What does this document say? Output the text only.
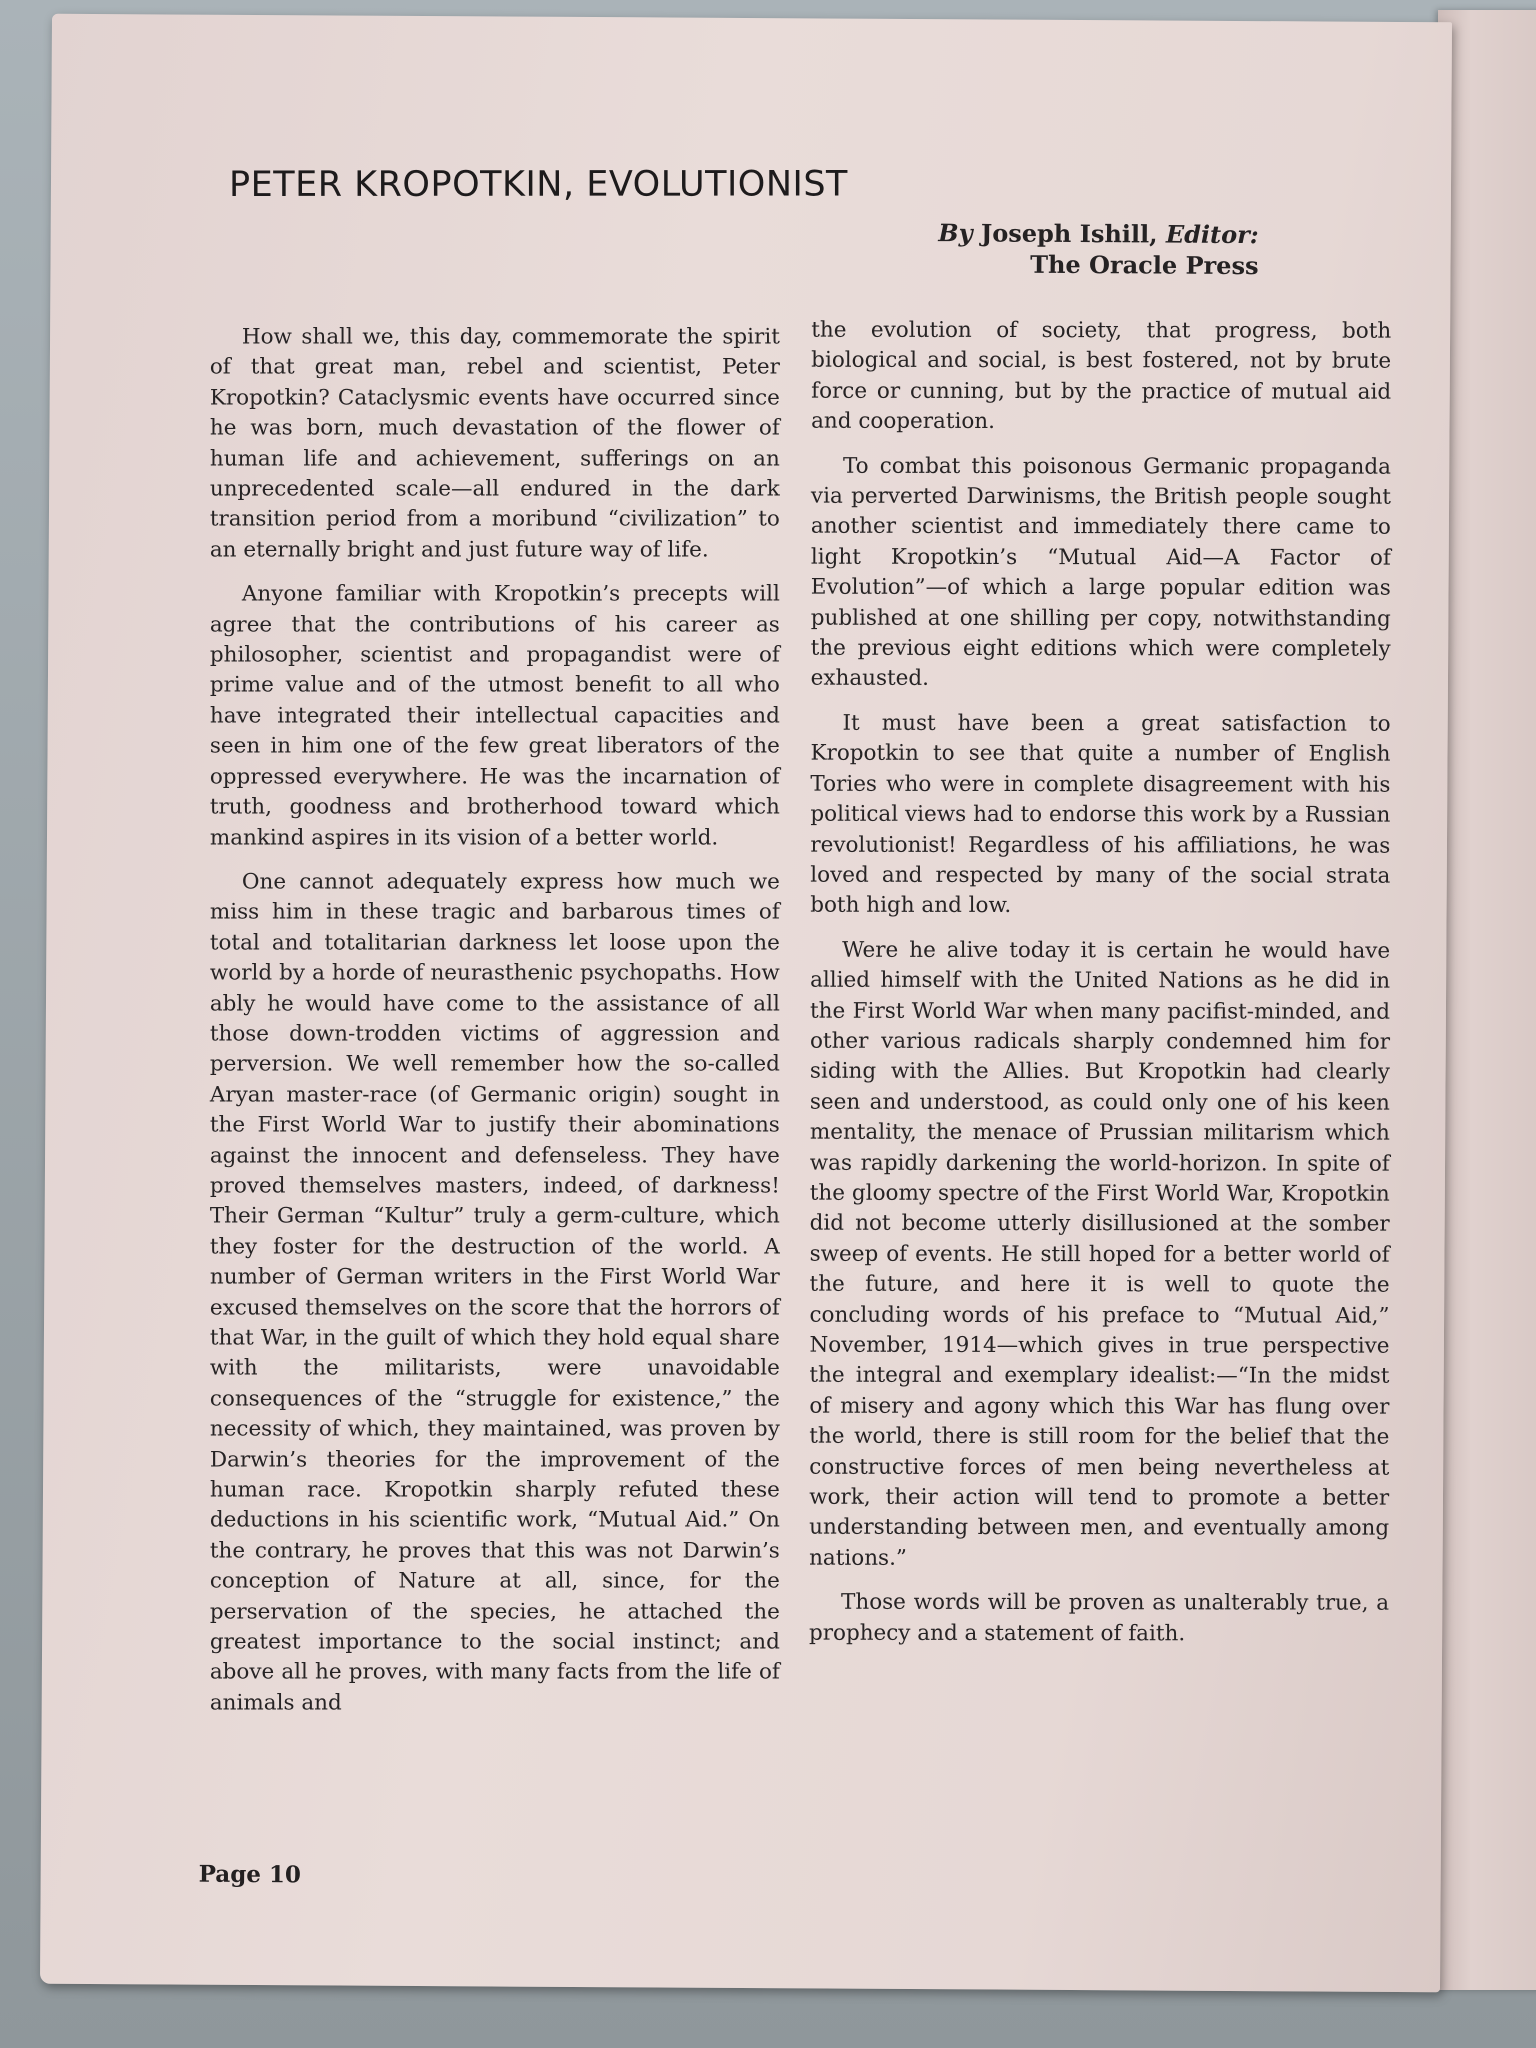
PETER KROPOTKIN, EVOLUTIONIST
By Joseph Ishill, Editor:
The Oracle Press

How shall we, this day, commemorate the spirit of that great man, rebel and scientist, Peter Kropotkin? Cataclysmic events have occurred since he was born, much devastation of the flower of human life and achievement, sufferings on an unprecedented scale—all endured in the dark transition period from a moribund “civilization” to an eternally bright and just future way of life.

Anyone familiar with Kropotkin’s precepts will agree that the contributions of his career as philosopher, scientist and propagandist were of prime value and of the utmost benefit to all who have integrated their intellectual capacities and seen in him one of the few great liberators of the oppressed everywhere. He was the incarnation of truth, goodness and brotherhood toward which mankind aspires in its vision of a better world.

One cannot adequately express how much we miss him in these tragic and barbarous times of total and totalitarian darkness let loose upon the world by a horde of neurasthenic psychopaths. How ably he would have come to the assistance of all those down-trodden victims of aggression and perversion. We well remember how the so-called Aryan master-race (of Germanic origin) sought in the First World War to justify their abominations against the innocent and defenseless. They have proved themselves masters, indeed, of darkness! Their German “Kultur” truly a germ-culture, which they foster for the destruction of the world. A number of German writers in the First World War excused themselves on the score that the horrors of that War, in the guilt of which they hold equal share with the militarists, were unavoidable consequences of the “struggle for existence,” the necessity of which, they maintained, was proven by Darwin’s theories for the improvement of the human race. Kropotkin sharply refuted these deductions in his scientific work, “Mutual Aid.” On the contrary, he proves that this was not Darwin’s conception of Nature at all, since, for the perservation of the species, he attached the greatest importance to the social instinct; and above all he proves, with many facts from the life of animals and

the evolution of society, that progress, both biological and social, is best fostered, not by brute force or cunning, but by the practice of mutual aid and cooperation.

To combat this poisonous Germanic propaganda via perverted Darwinisms, the British people sought another scientist and immediately there came to light Kropotkin’s “Mutual Aid—A Factor of Evolution”—of which a large popular edition was published at one shilling per copy, notwithstanding the previous eight editions which were completely exhausted.

It must have been a great satisfaction to Kropotkin to see that quite a number of English Tories who were in complete disagreement with his political views had to endorse this work by a Russian revolutionist! Regardless of his affiliations, he was loved and respected by many of the social strata both high and low.

Were he alive today it is certain he would have allied himself with the United Nations as he did in the First World War when many pacifist-minded, and other various radicals sharply condemned him for siding with the Allies. But Kropotkin had clearly seen and understood, as could only one of his keen mentality, the menace of Prussian militarism which was rapidly darkening the world-horizon. In spite of the gloomy spectre of the First World War, Kropotkin did not become utterly disillusioned at the somber sweep of events. He still hoped for a better world of the future, and here it is well to quote the concluding words of his preface to “Mutual Aid,” November, 1914—which gives in true perspective the integral and exemplary idealist:—“In the midst of misery and agony which this War has flung over the world, there is still room for the belief that the constructive forces of men being nevertheless at work, their action will tend to promote a better understanding between men, and eventually among nations.”

Those words will be proven as unalterably true, a prophecy and a statement of faith.

Page 10
